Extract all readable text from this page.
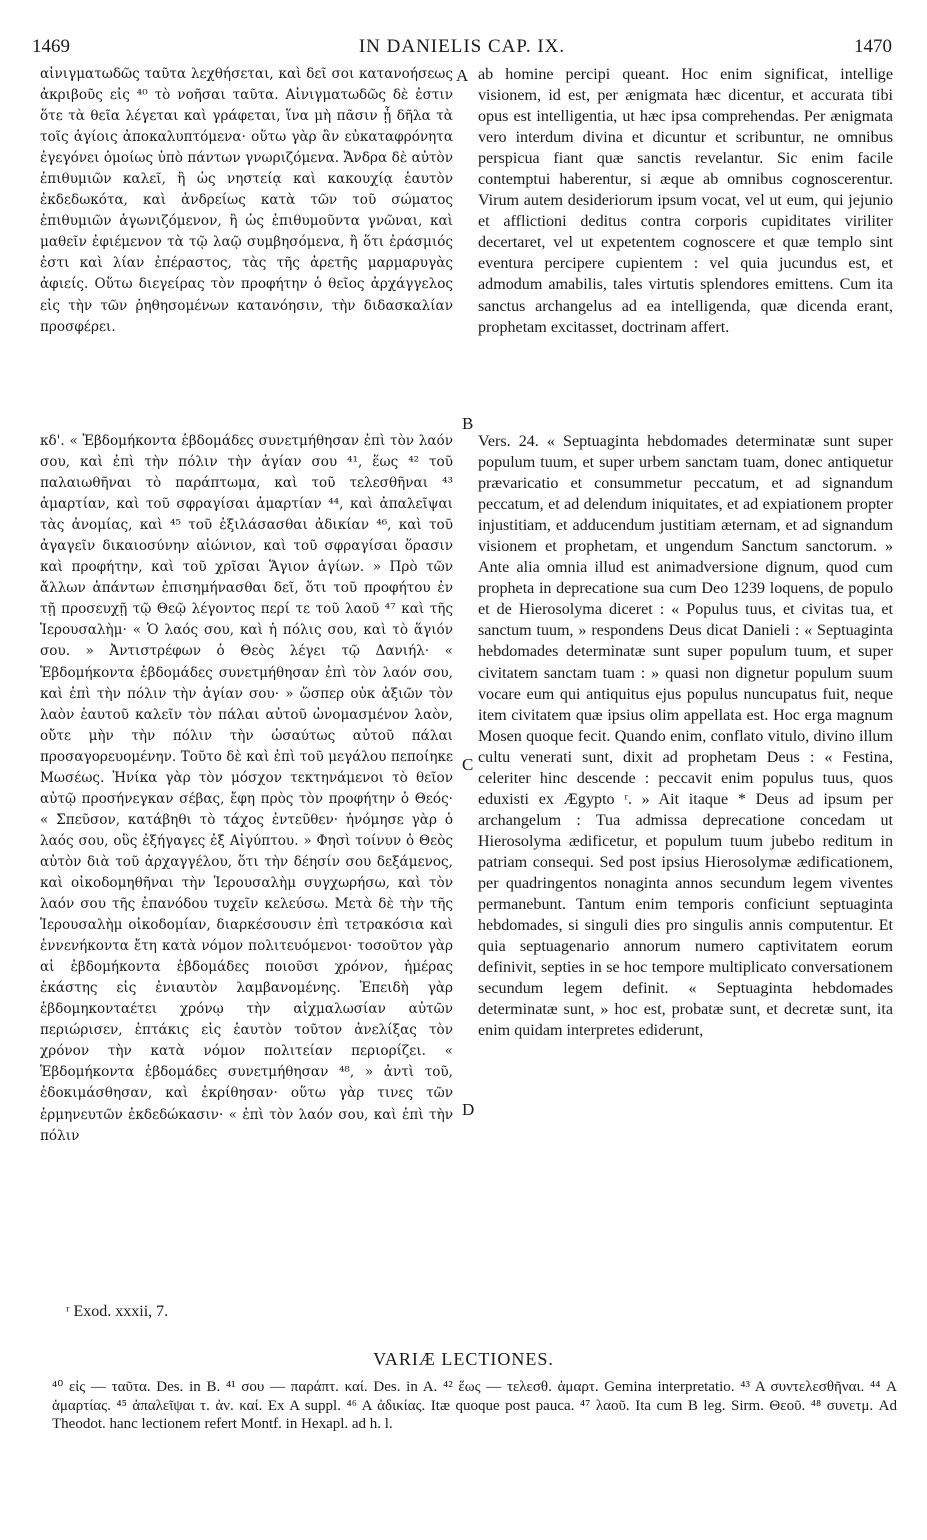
1469	IN DANIELIS CAP. IX.	1470

αἰνιγματωδῶς ταῦτα λεχθήσεται, καὶ δεῖ σοι κατανοήσεως ἀκριβοῦς εἰς ⁴⁰ τὸ νοῆσαι ταῦτα. Αἰνιγματωδῶς δὲ ἐστιν ὅτε τὰ θεῖα λέγεται καὶ γράφεται, ἵνα μὴ πᾶσιν ᾖ δῆλα τὰ τοῖς ἁγίοις ἀποκαλυπτόμενα· οὕτω γὰρ ἂν εὐκαταφρόνητα ἐγεγόνει ὁμοίως ὑπὸ πάντων γνωριζόμενα. Ἄνδρα δὲ αὐτὸν ἐπιθυμιῶν καλεῖ, ἢ ὡς νηστείᾳ καὶ κακουχίᾳ ἑαυτὸν ἐκδεδωκότα, καὶ ἀνδρείως κατὰ τῶν τοῦ σώματος ἐπιθυμιῶν ἀγωνιζόμενον, ἢ ὡς ἐπιθυμοῦντα γνῶναι, καὶ μαθεῖν ἐφιέμενον τὰ τῷ λαῷ συμβησόμενα, ἢ ὅτι ἐράσμιός ἐστι καὶ λίαν ἐπέραστος, τὰς τῆς ἀρετῆς μαρμαρυγὰς ἀφιείς. Οὕτω διεγείρας τὸν προφήτην ὁ θεῖος ἀρχάγγελος εἰς τὴν τῶν ῥηθησομένων κατανόησιν, τὴν διδασκαλίαν προσφέρει.

ab homine percipi queant. Hoc enim significat, intellige visionem, id est, per ænigmata hæc dicentur, et accurata tibi opus est intelligentia, ut hæc ipsa comprehendas. Per ænigmata vero interdum divina et dicuntur et scribuntur, ne omnibus perspicua fiant quæ sanctis revelantur. Sic enim facile contemptui haberentur, si æque ab omnibus cognoscerentur. Virum autem desideriorum ipsum vocat, vel ut eum, qui jejunio et afflictioni deditus contra corporis cupiditates viriliter decertaret, vel ut expetentem cognoscere et quæ templo sint eventura percipere cupientem : vel quia jucundus est, et admodum amabilis, tales virtutis splendores emittens. Cum ita sanctus archangelus ad ea intelligenda, quæ dicenda erant, prophetam excitasset, doctrinam affert.

κδ'. « Ἑβδομήκοντα ἑβδομάδες συνετμήθησαν ἐπὶ τὸν λαόν σου, καὶ ἐπὶ τὴν πόλιν τὴν ἁγίαν σου ⁴¹, ἕως ⁴² τοῦ παλαιωθῆναι τὸ παράπτωμα, καὶ τοῦ τελεσθῆναι ⁴³ ἁμαρτίαν, καὶ τοῦ σφραγίσαι ἁμαρτίαν ⁴⁴, καὶ ἀπαλεῖψαι τὰς ἀνομίας, καὶ ⁴⁵ τοῦ ἐξιλάσασθαι ἀδικίαν ⁴⁶, καὶ τοῦ ἀγαγεῖν δικαιοσύνην αἰώνιον, καὶ τοῦ σφραγίσαι ὅρασιν καὶ προφήτην, καὶ τοῦ χρῖσαι Ἅγιον ἁγίων. » Πρὸ τῶν ἄλλων ἁπάντων ἐπισημήνασθαι δεῖ, ὅτι τοῦ προφήτου ἐν τῇ προσευχῇ τῷ Θεῷ λέγοντος περί τε τοῦ λαοῦ ⁴⁷ καὶ τῆς Ἱερουσαλὴμ· « Ὁ λαός σου, καὶ ἡ πόλις σου, καὶ τὸ ἅγιόν σου. » Ἀντιστρέφων ὁ Θεὸς λέγει τῷ Δανιήλ· « Ἑβδομήκοντα ἑβδομάδες συνετμήθησαν ἐπὶ τὸν λαόν σου, καὶ ἐπὶ τὴν πόλιν τὴν ἁγίαν σου· » ὥσπερ οὐκ ἀξιῶν τὸν λαὸν ἑαυτοῦ καλεῖν τὸν πάλαι αὐτοῦ ὠνομασμένον λαὸν, οὔτε μὴν τὴν πόλιν τὴν ὡσαύτως αὐτοῦ πάλαι προσαγορευομένην. Τοῦτο δὲ καὶ ἐπὶ τοῦ μεγάλου πεποίηκε Μωσέως. Ἡνίκα γὰρ τὸν μόσχον τεκτηνάμενοι τὸ θεῖον αὐτῷ προσήνεγκαν σέβας, ἔφη πρὸς τὸν προφήτην ὁ Θεός· « Σπεῦσον, κατάβηθι τὸ τάχος ἐντεῦθεν· ἠνόμησε γὰρ ὁ λαός σου, οὓς ἐξήγαγες ἐξ Αἰγύπτου. » Φησὶ τοίνυν ὁ Θεὸς αὐτὸν διὰ τοῦ ἀρχαγγέλου, ὅτι τὴν δέησίν σου δεξάμενος, καὶ οἰκοδομηθῆναι τὴν Ἱερουσαλὴμ συγχωρήσω, καὶ τὸν λαόν σου τῆς ἐπανόδου τυχεῖν κελεύσω. Μετὰ δὲ τὴν τῆς Ἱερουσαλὴμ οἰκοδομίαν, διαρκέσουσιν ἐπὶ τετρακόσια καὶ ἐννενήκοντα ἔτη κατὰ νόμον πολιτευόμενοι· τοσοῦτον γὰρ αἱ ἑβδομήκοντα ἑβδομάδες ποιοῦσι χρόνον, ἡμέρας ἑκάστης εἰς ἐνιαυτὸν λαμβανομένης. Ἐπειδὴ γὰρ ἑβδομηκονταέτει χρόνῳ τὴν αἰχμαλωσίαν αὐτῶν περιώρισεν, ἑπτάκις εἰς ἑαυτὸν τοῦτον ἀνελίξας τὸν χρόνον τὴν κατὰ νόμον πολιτείαν περιορίζει. « Ἑβδομήκοντα ἑβδομάδες συνετμήθησαν ⁴⁸, » ἀντὶ τοῦ, ἐδοκιμάσθησαν, καὶ ἐκρίθησαν· οὕτω γὰρ τινες τῶν ἑρμηνευτῶν ἐκδεδώκασιν· « ἐπὶ τὸν λαόν σου, καὶ ἐπὶ τὴν πόλιν

Vers. 24. « Septuaginta hebdomades determinatæ sunt super populum tuum, et super urbem sanctam tuam, donec antiquetur prævaricatio et consummetur peccatum, et ad signandum peccatum, et ad delendum iniquitates, et ad expiationem propter injustitiam, et adducendum justitiam æternam, et ad signandum visionem et prophetam, et ungendum Sanctum sanctorum. » Ante alia omnia illud est animadversione dignum, quod cum propheta in deprecatione sua cum Deo 1239 loquens, de populo et de Hierosolyma diceret : « Populus tuus, et civitas tua, et sanctum tuum, » respondens Deus dicat Danieli : « Septuaginta hebdomades determinatæ sunt super populum tuum, et super civitatem sanctam tuam : » quasi non dignetur populum suum vocare eum qui antiquitus ejus populus nuncupatus fuit, neque item civitatem quæ ipsius olim appellata est. Hoc erga magnum Mosen quoque fecit. Quando enim, conflato vitulo, divino illum cultu venerati sunt, dixit ad prophetam Deus : « Festina, celeriter hinc descende : peccavit enim populus tuus, quos eduxisti ex Ægypto ʳ. » Ait itaque * Deus ad ipsum per archangelum : Tua admissa deprecatione concedam ut Hierosolyma ædificetur, et populum tuum jubebo reditum in patriam consequi. Sed post ipsius Hierosolymæ ædificationem, per quadringentos nonaginta annos secundum legem viventes permanebunt. Tantum enim temporis conficiunt septuaginta hebdomades, si singuli dies pro singulis annis computentur. Et quia septuagenario annorum numero captivitatem eorum definivit, septies in se hoc tempore multiplicato conversationem secundum legem definit. « Septuaginta hebdomades determinatæ sunt, » hoc est, probatæ sunt, et decretæ sunt, ita enim quidam interpretes ediderunt,

A
B
C
D
ʳ Exod. xxxii, 7.
VARIÆ LECTIONES.

⁴⁰ εἰς — ταῦτα. Des. in B. ⁴¹ σου — παράπτ. καί. Des. in A. ⁴² ἕως — τελεσθ. ἁμαρτ. Gemina interpretatio. ⁴³ A συντελεσθῆναι. ⁴⁴ A ἁμαρτίας. ⁴⁵ ἀπαλεῖψαι τ. ἀν. καί. Ex A suppl. ⁴⁶ A ἀδικίας. Itæ quoque post pauca. ⁴⁷ λαοῦ. Ita cum B leg. Sirm. Θεοῦ. ⁴⁸ συνετμ. Ad Theodot. hanc lectionem refert Montf. in Hexapl. ad h. l.
